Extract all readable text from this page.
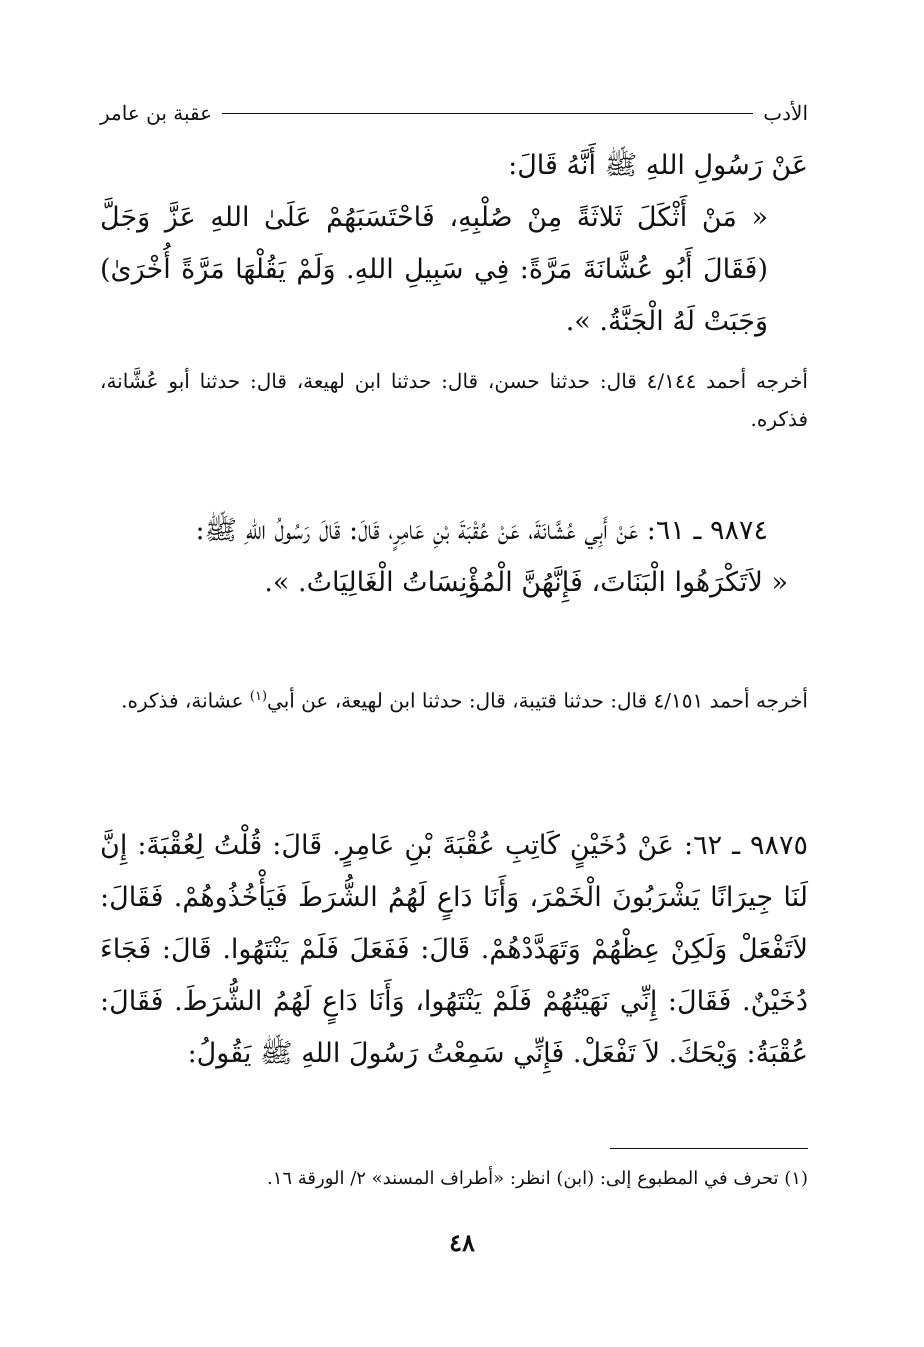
الأدب
عقبة بن عامر
عَنْ رَسُولِ اللهِ ﷺ أَنَّهُ قَالَ:
« مَنْ أَثْكَلَ ثَلاثَةً مِنْ صُلْبِهِ، فَاحْتَسَبَهُمْ عَلَىٰ اللهِ عَزَّ وَجَلَّ (فَقَالَ أَبُو عُشَّانَةَ مَرَّةً: فِي سَبِيلِ اللهِ. وَلَمْ يَقُلْهَا مَرَّةً أُخْرَىٰ) وَجَبَتْ لَهُ الْجَنَّةُ. ».
أخرجه أحمد ٤/١٤٤ قال: حدثنا حسن، قال: حدثنا ابن لهيعة، قال: حدثنا أبو عُشَّانة، فذكره.
٩٨٧٤ ـ ٦١: عَنْ أَبِي عُشَّانَةَ، عَنْ عُقْبَةَ بْنِ عَامِرٍ، قَالَ: قَالَ رَسُولُ اللهِ ﷺ:
« لاَتَكْرَهُوا الْبَنَاتَ، فَإِنَّهُنَّ الْمُؤْنِسَاتُ الْغَالِيَاتُ. ».
أخرجه أحمد ٤/١٥١ قال: حدثنا قتيبة، قال: حدثنا ابن لهيعة، عن أبي$^{(١)}$ عشانة، فذكره.
٩٨٧٥ ـ ٦٢: عَنْ دُخَيْنٍ كَاتِبِ عُقْبَةَ بْنِ عَامِرٍ. قَالَ: قُلْتُ لِعُقْبَةَ: إِنَّ لَنَا جِيرَانًا يَشْرَبُونَ الْخَمْرَ، وَأَنَا دَاعٍ لَهُمُ الشُّرَطَ فَيَأْخُذُوهُمْ. فَقَالَ: لاَتَفْعَلْ وَلَكِنْ عِظْهُمْ وَتَهَدَّدْهُمْ. قَالَ: فَفَعَلَ فَلَمْ يَنْتَهُوا. قَالَ: فَجَاءَ دُخَيْنٌ. فَقَالَ: إِنِّي نَهَيْتُهُمْ فَلَمْ يَنْتَهُوا، وَأَنَا دَاعٍ لَهُمُ الشُّرَطَ. فَقَالَ: عُقْبَةُ: وَيْحَكَ. لاَ تَفْعَلْ. فَإِنِّي سَمِعْتُ رَسُولَ اللهِ ﷺ يَقُولُ:
(١) تحرف في المطبوع إلى: (ابن) انظر: «أطراف المسند» ٢/ الورقة ١٦.
٤٨
